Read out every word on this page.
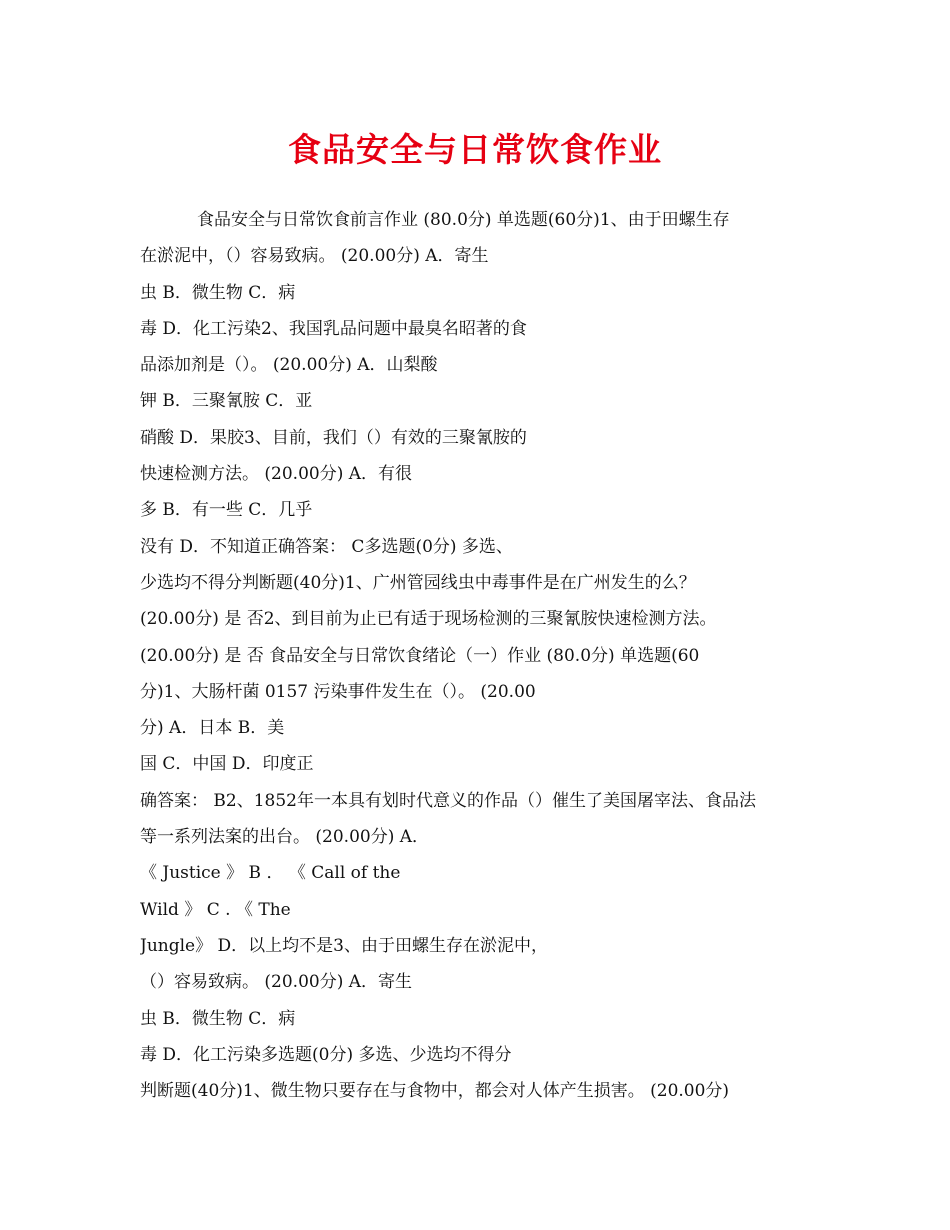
食品安全与日常饮食作业
食品安全与日常饮食前言作业 (80.0分) 单选题(60分)1、由于田螺生存
在淤泥中，（）容易致病。 (20.00分) A．寄生
虫 B．微生物 C．病
毒 D．化工污染2、我国乳品问题中最臭名昭著的食
品添加剂是（）。 (20.00分) A．山梨酸
钾 B．三聚氰胺 C．亚
硝酸 D．果胶3、目前，我们（）有效的三聚氰胺的
快速检测方法。 (20.00分) A．有很
多 B．有一些 C．几乎
没有 D．不知道正确答案： C多选题(0分) 多选、
少选均不得分判断题(40分)1、广州管园线虫中毒事件是在广州发生的么？
(20.00分) 是 否2、到目前为止已有适于现场检测的三聚氰胺快速检测方法。
(20.00分) 是 否 食品安全与日常饮食绪论（一）作业 (80.0分) 单选题(60
分)1、大肠杆菌 0157 污染事件发生在（）。 (20.00
分) A．日本 B．美
国 C．中国 D．印度正
确答案： B2、1852年一本具有划时代意义的作品（）催生了美国屠宰法、食品法
等一系列法案的出台。 (20.00分) A．
《 Justice 》 B ． 《 Call of the
Wild 》 C . 《 The
Jungle》 D．以上均不是3、由于田螺生存在淤泥中，
（）容易致病。 (20.00分) A．寄生
虫 B．微生物 C．病
毒 D．化工污染多选题(0分) 多选、少选均不得分
判断题(40分)1、微生物只要存在与食物中，都会对人体产生损害。 (20.00分)
